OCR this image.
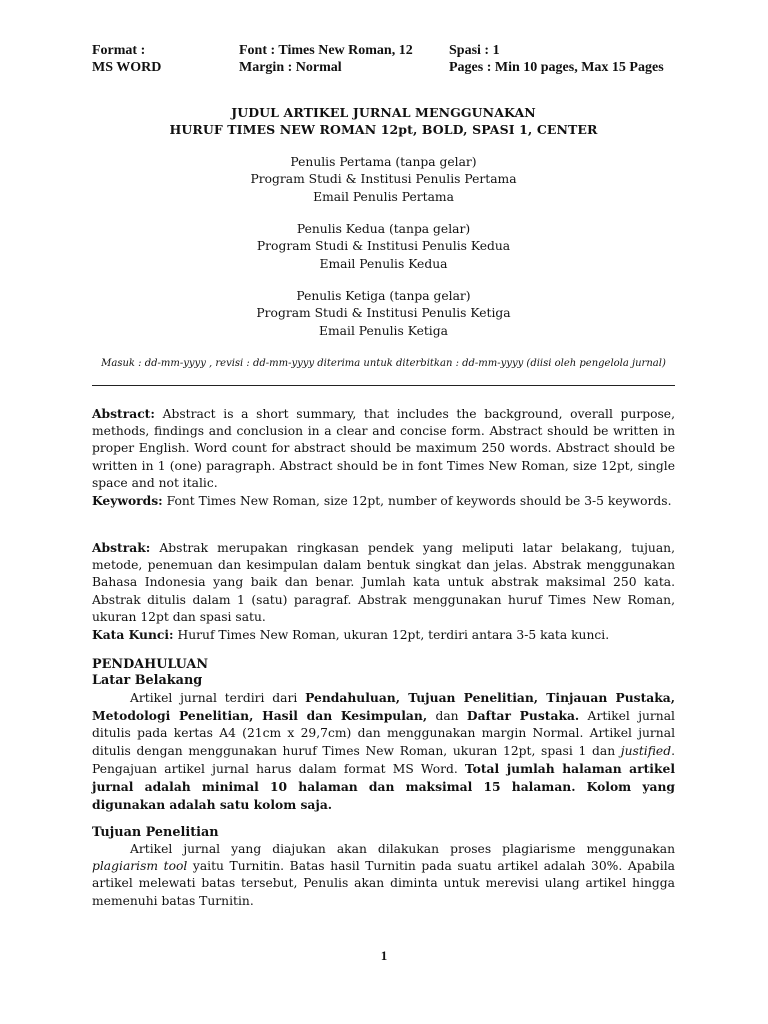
Format :
MS WORD
Font : Times New Roman, 12
Margin : Normal
Spasi : 1
Pages : Min 10 pages, Max 15 Pages
JUDUL ARTIKEL JURNAL MENGGUNAKAN
HURUF TIMES NEW ROMAN 12pt, BOLD, SPASI 1, CENTER
Penulis Pertama (tanpa gelar)
Program Studi & Institusi Penulis Pertama
Email Penulis Pertama
Penulis Kedua (tanpa gelar)
Program Studi & Institusi Penulis Kedua
Email Penulis Kedua
Penulis Ketiga (tanpa gelar)
Program Studi & Institusi Penulis Ketiga
Email Penulis Ketiga
Masuk : dd-mm-yyyy , revisi : dd-mm-yyyy diterima untuk diterbitkan : dd-mm-yyyy (diisi oleh pengelola jurnal)

Abstract: Abstract is a short summary, that includes the background, overall purpose, methods, findings and conclusion in a clear and concise form. Abstract should be written in proper English. Word count for abstract should be maximum 250 words. Abstract should be written in 1 (one) paragraph. Abstract should be in font Times New Roman, size 12pt, single space and not italic.

Keywords: Font Times New Roman, size 12pt, number of keywords should be 3-5 keywords.

Abstrak: Abstrak merupakan ringkasan pendek yang meliputi latar belakang, tujuan, metode, penemuan dan kesimpulan dalam bentuk singkat dan jelas. Abstrak menggunakan Bahasa Indonesia yang baik dan benar. Jumlah kata untuk abstrak maksimal 250 kata. Abstrak ditulis dalam 1 (satu) paragraf. Abstrak menggunakan huruf Times New Roman, ukuran 12pt dan spasi satu.

Kata Kunci: Huruf Times New Roman, ukuran 12pt, terdiri antara 3-5 kata kunci.

PENDAHULUAN
Latar Belakang

Artikel jurnal terdiri dari Pendahuluan, Tujuan Penelitian, Tinjauan Pustaka, Metodologi Penelitian, Hasil dan Kesimpulan, dan Daftar Pustaka. Artikel jurnal ditulis pada kertas A4 (21cm x 29,7cm) dan menggunakan margin Normal. Artikel jurnal ditulis dengan menggunakan huruf Times New Roman, ukuran 12pt, spasi 1 dan justified. Pengajuan artikel jurnal harus dalam format MS Word. Total jumlah halaman artikel jurnal adalah minimal 10 halaman dan maksimal 15 halaman. Kolom yang digunakan adalah satu kolom saja.

Tujuan Penelitian

Artikel jurnal yang diajukan akan dilakukan proses plagiarisme menggunakan plagiarism tool yaitu Turnitin. Batas hasil Turnitin pada suatu artikel adalah 30%. Apabila artikel melewati batas tersebut, Penulis akan diminta untuk merevisi ulang artikel hingga memenuhi batas Turnitin.

1
